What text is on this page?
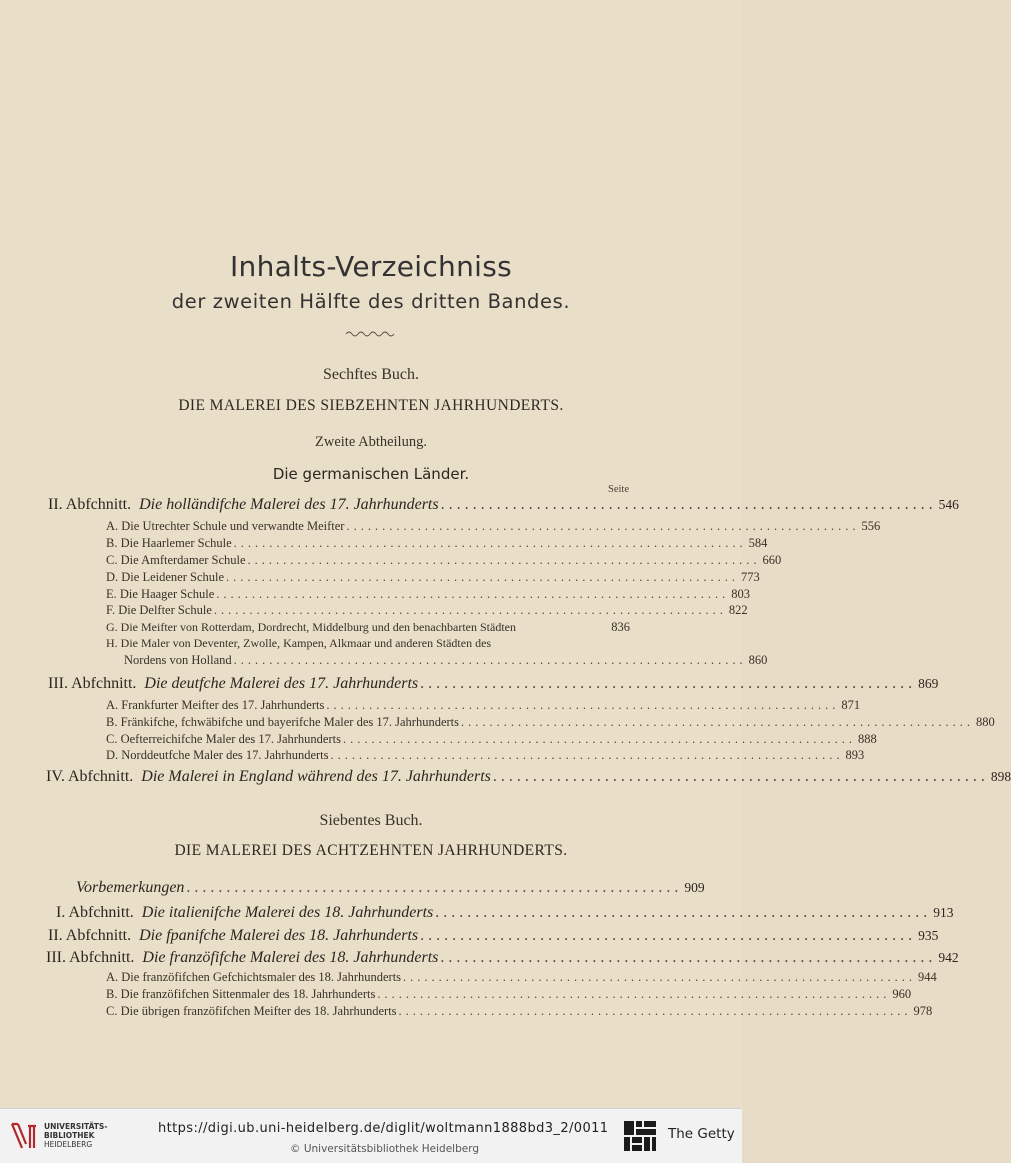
Inhalts-Verzeichniss
der zweiten Hälfte des dritten Bandes.
Sechftes Buch.
DIE MALEREI DES SIEBZEHNTEN JAHRHUNDERTS.
Zweite Abtheilung.
Die germanischen Länder.
Seite
II. Abfchnitt. Die holländifche Malerei des 17. Jahrhunderts .............................................................. 546
A. Die Utrechter Schule und verwandte Meifter ........................................................................ 556
B. Die Haarlemer Schule ........................................................................ 584
C. Die Amfterdamer Schule ........................................................................ 660
D. Die Leidener Schule ........................................................................ 773
E. Die Haager Schule ........................................................................ 803
F. Die Delfter Schule ........................................................................ 822
G. Die Meifter von Rotterdam, Dordrecht, Middelburg und den benachbarten Städten	836
H. Die Maler von Deventer, Zwolle, Kampen, Alkmaar und anderen Städten des
Nordens von Holland ........................................................................ 860
III. Abfchnitt. Die deutfche Malerei des 17. Jahrhunderts .............................................................. 869
A. Frankfurter Meifter des 17. Jahrhunderts ........................................................................ 871
B. Fränkifche, fchwäbifche und bayerifche Maler des 17. Jahrhunderts ........................................................................ 880
C. Oefterreichifche Maler des 17. Jahrhunderts ........................................................................ 888
D. Norddeutfche Maler des 17. Jahrhunderts ........................................................................ 893
IV. Abfchnitt. Die Malerei in England während des 17. Jahrhunderts .............................................................. 898
Siebentes Buch.
DIE MALEREI DES ACHTZEHNTEN JAHRHUNDERTS.
Vorbemerkungen .............................................................. 909
I. Abfchnitt. Die italienifche Malerei des 18. Jahrhunderts .............................................................. 913
II. Abfchnitt. Die fpanifche Malerei des 18. Jahrhunderts .............................................................. 935
III. Abfchnitt. Die franzöfifche Malerei des 18. Jahrhunderts .............................................................. 942
A. Die franzöfifchen Gefchichtsmaler des 18. Jahrhunderts ........................................................................ 944
B. Die franzöfifchen Sittenmaler des 18. Jahrhunderts ........................................................................ 960
C. Die übrigen franzöfifchen Meifter des 18. Jahrhunderts ........................................................................ 978
UNIVERSITÄTS-
BIBLIOTHEK
HEIDELBERG
https://digi.ub.uni-heidelberg.de/diglit/woltmann1888bd3_2/0011
© Universitätsbibliothek Heidelberg
The Getty
